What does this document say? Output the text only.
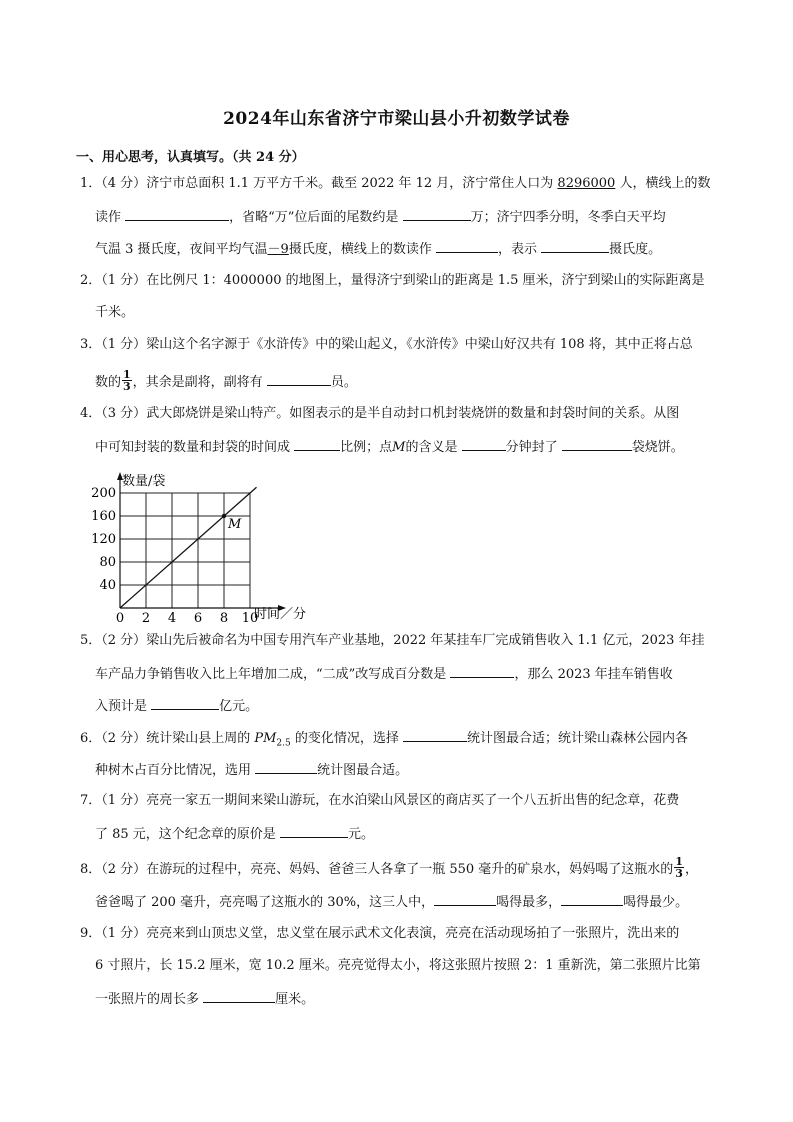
2024年山东省济宁市梁山县小升初数学试卷
一、用心思考，认真填写。（共 24 分）
1．（4 分）济宁市总面积 1.1 万平方千米。截至 2022 年 12 月，济宁常住人口为 8296000 人，横线上的数
读作	，省略“万”位后面的尾数约是	万；济宁四季分明，冬季白天平均
气温 3 摄氏度，夜间平均气温－9摄氏度，横线上的数读作	，表示	摄氏度。
2．（1 分）在比例尺 1：4000000 的地图上，量得济宁到梁山的距离是 1.5 厘米，济宁到梁山的实际距离是
千米。
3．（1 分）梁山这个名字源于《水浒传》中的梁山起义，《水浒传》中梁山好汉共有 108 将，其中正将占总
数的 $\frac{1}{3}$ ，其余是副将，副将有	员。
4．（3 分）武大郎烧饼是梁山特产。如图表示的是半自动封口机封装烧饼的数量和封袋时间的关系。从图
中可知封装的数量和封袋的时间成	比例；点M的含义是	分钟封了	袋烧饼。
0 2 4 6 8 10
40
80
120
160
200
M
数量/袋
时间／分
5．（2 分）梁山先后被命名为中国专用汽车产业基地，2022 年某挂车厂完成销售收入 1.1 亿元，2023 年挂
车产品力争销售收入比上年增加二成，“二成”改写成百分数是	，那么 2023 年挂车销售收
入预计是	亿元。
6．（2 分）统计梁山县上周的 $PM_{2.5}$ 的变化情况，选择	统计图最合适；统计梁山森林公园内各
种树木占百分比情况，选用	统计图最合适。
7．（1 分）亮亮一家五一期间来梁山游玩，在水泊梁山风景区的商店买了一个八五折出售的纪念章，花费
了 85 元，这个纪念章的原价是	元。
8．（2 分）在游玩的过程中，亮亮、妈妈、爸爸三人各拿了一瓶 550 毫升的矿泉水，妈妈喝了这瓶水的 $\frac{1}{3}$ ，
爸爸喝了 200 毫升，亮亮喝了这瓶水的 30%，这三人中，	喝得最多，	喝得最少。
9．（1 分）亮亮来到山顶忠义堂，忠义堂在展示武术文化表演，亮亮在活动现场拍了一张照片，洗出来的
6 寸照片，长 15.2 厘米，宽 10.2 厘米。亮亮觉得太小，将这张照片按照 2：1 重新洗，第二张照片比第
一张照片的周长多	厘米。
